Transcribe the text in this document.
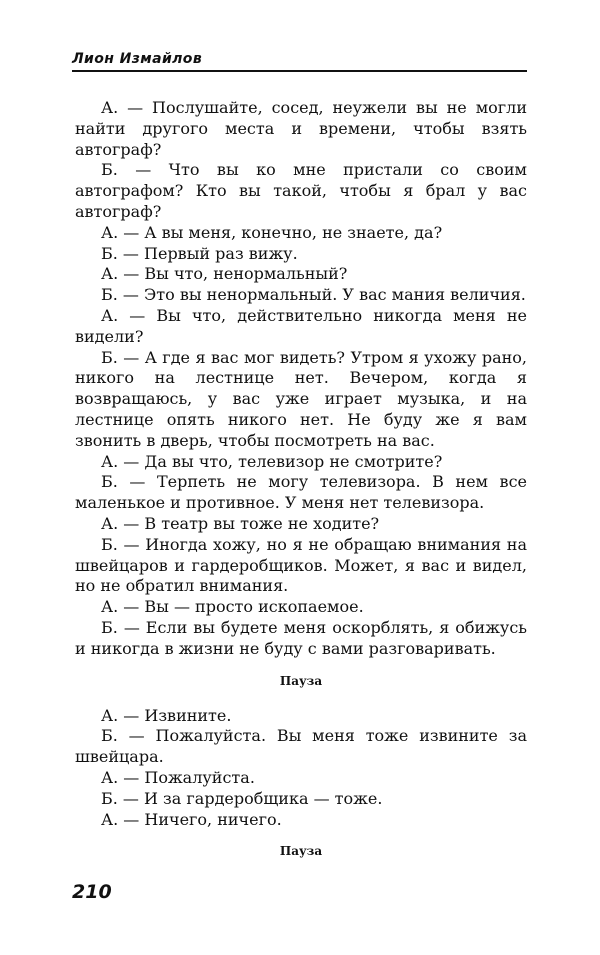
Лион Измайлов

А. — Послушайте, сосед, неужели вы не могли найти другого места и времени, чтобы взять автограф?

Б. — Что вы ко мне пристали со своим автографом? Кто вы такой, чтобы я брал у вас автограф?

А. — А вы меня, конечно, не знаете, да?

Б. — Первый раз вижу.

А. — Вы что, ненормальный?

Б. — Это вы ненормальный. У вас мания величия.

А. — Вы что, действительно никогда меня не видели?

Б. — А где я вас мог видеть? Утром я ухожу рано, никого на лестнице нет. Вечером, когда я возвращаюсь, у вас уже играет музыка, и на лестнице опять никого нет. Не буду же я вам звонить в дверь, чтобы посмотреть на вас.

А. — Да вы что, телевизор не смотрите?

Б. — Терпеть не могу телевизора. В нем все маленькое и противное. У меня нет телевизора.

А. — В театр вы тоже не ходите?

Б. — Иногда хожу, но я не обращаю внимания на швейцаров и гардеробщиков. Может, я вас и видел, но не обратил внимания.

А. — Вы — просто ископаемое.

Б. — Если вы будете меня оскорблять, я обижусь и никогда в жизни не буду с вами разговаривать.

Пауза

А. — Извините.

Б. — Пожалуйста. Вы меня тоже извините за швейцара.

А. — Пожалуйста.

Б. — И за гардеробщика — тоже.

А. — Ничего, ничего.

Пауза

210
